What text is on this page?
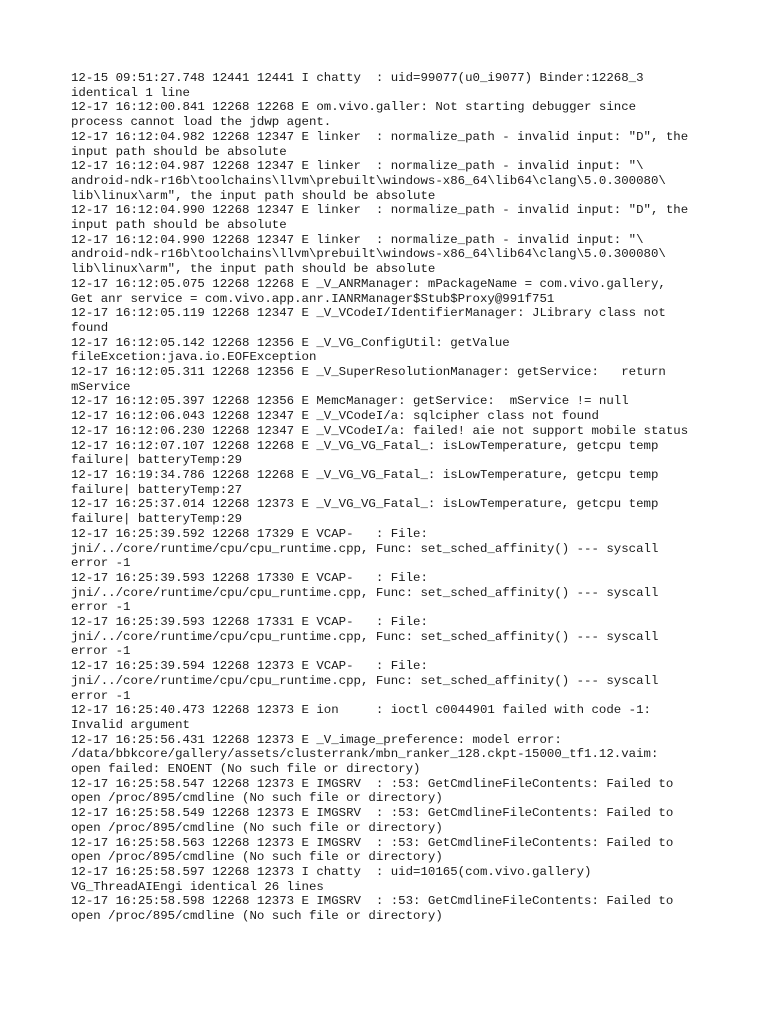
12-15 09:51:27.748 12441 12441 I chatty  : uid=99077(u0_i9077) Binder:12268_3
identical 1 line
12-17 16:12:00.841 12268 12268 E om.vivo.galler: Not starting debugger since
process cannot load the jdwp agent.
12-17 16:12:04.982 12268 12347 E linker  : normalize_path - invalid input: "D", the
input path should be absolute
12-17 16:12:04.987 12268 12347 E linker  : normalize_path - invalid input: "\
android-ndk-r16b\toolchains\llvm\prebuilt\windows-x86_64\lib64\clang\5.0.300080\
lib\linux\arm", the input path should be absolute
12-17 16:12:04.990 12268 12347 E linker  : normalize_path - invalid input: "D", the
input path should be absolute
12-17 16:12:04.990 12268 12347 E linker  : normalize_path - invalid input: "\
android-ndk-r16b\toolchains\llvm\prebuilt\windows-x86_64\lib64\clang\5.0.300080\
lib\linux\arm", the input path should be absolute
12-17 16:12:05.075 12268 12268 E _V_ANRManager: mPackageName = com.vivo.gallery,
Get anr service = com.vivo.app.anr.IANRManager$Stub$Proxy@991f751
12-17 16:12:05.119 12268 12347 E _V_VCodeI/IdentifierManager: JLibrary class not
found
12-17 16:12:05.142 12268 12356 E _V_VG_ConfigUtil: getValue
fileExcetion:java.io.EOFException
12-17 16:12:05.311 12268 12356 E _V_SuperResolutionManager: getService:   return
mService
12-17 16:12:05.397 12268 12356 E MemcManager: getService:  mService != null
12-17 16:12:06.043 12268 12347 E _V_VCodeI/a: sqlcipher class not found
12-17 16:12:06.230 12268 12347 E _V_VCodeI/a: failed! aie not support mobile status
12-17 16:12:07.107 12268 12268 E _V_VG_VG_Fatal_: isLowTemperature, getcpu temp
failure| batteryTemp:29
12-17 16:19:34.786 12268 12268 E _V_VG_VG_Fatal_: isLowTemperature, getcpu temp
failure| batteryTemp:27
12-17 16:25:37.014 12268 12373 E _V_VG_VG_Fatal_: isLowTemperature, getcpu temp
failure| batteryTemp:29
12-17 16:25:39.592 12268 17329 E VCAP-   : File:
jni/../core/runtime/cpu/cpu_runtime.cpp, Func: set_sched_affinity() --- syscall
error -1
12-17 16:25:39.593 12268 17330 E VCAP-   : File:
jni/../core/runtime/cpu/cpu_runtime.cpp, Func: set_sched_affinity() --- syscall
error -1
12-17 16:25:39.593 12268 17331 E VCAP-   : File:
jni/../core/runtime/cpu/cpu_runtime.cpp, Func: set_sched_affinity() --- syscall
error -1
12-17 16:25:39.594 12268 12373 E VCAP-   : File:
jni/../core/runtime/cpu/cpu_runtime.cpp, Func: set_sched_affinity() --- syscall
error -1
12-17 16:25:40.473 12268 12373 E ion     : ioctl c0044901 failed with code -1:
Invalid argument
12-17 16:25:56.431 12268 12373 E _V_image_preference: model error:
/data/bbkcore/gallery/assets/clusterrank/mbn_ranker_128.ckpt-15000_tf1.12.vaim:
open failed: ENOENT (No such file or directory)
12-17 16:25:58.547 12268 12373 E IMGSRV  : :53: GetCmdlineFileContents: Failed to
open /proc/895/cmdline (No such file or directory)
12-17 16:25:58.549 12268 12373 E IMGSRV  : :53: GetCmdlineFileContents: Failed to
open /proc/895/cmdline (No such file or directory)
12-17 16:25:58.563 12268 12373 E IMGSRV  : :53: GetCmdlineFileContents: Failed to
open /proc/895/cmdline (No such file or directory)
12-17 16:25:58.597 12268 12373 I chatty  : uid=10165(com.vivo.gallery)
VG_ThreadAIEngi identical 26 lines
12-17 16:25:58.598 12268 12373 E IMGSRV  : :53: GetCmdlineFileContents: Failed to
open /proc/895/cmdline (No such file or directory)
